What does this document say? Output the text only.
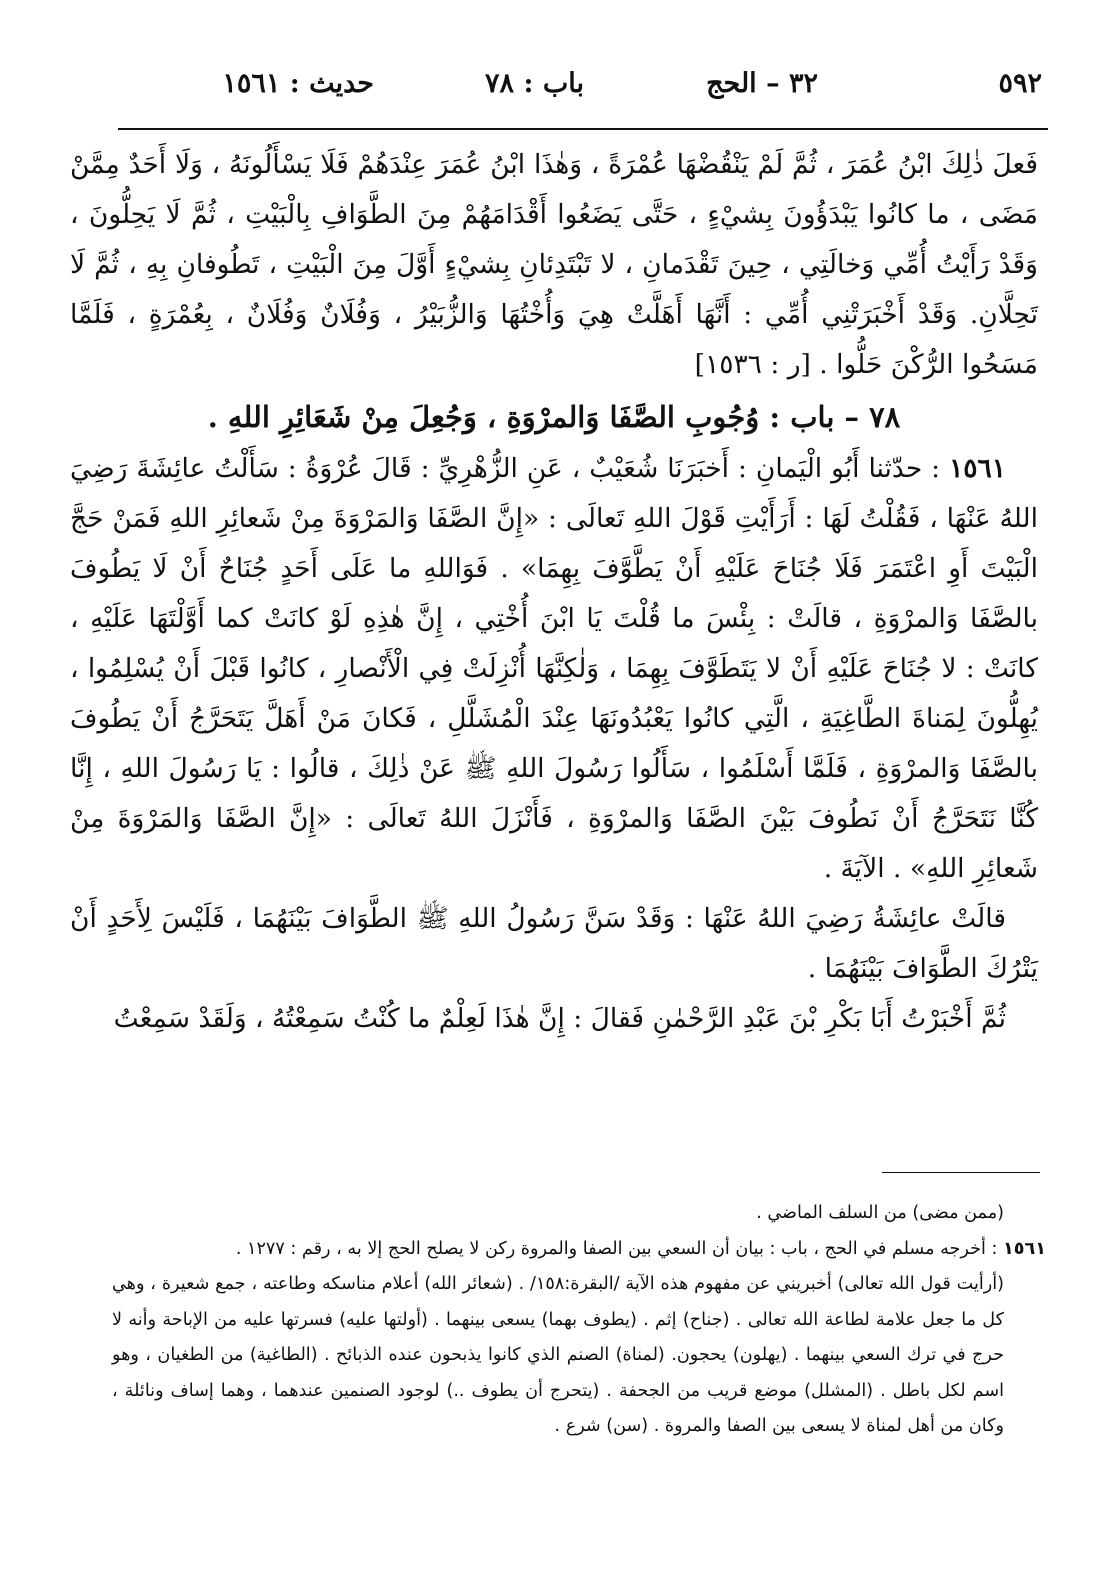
٥٩٢
٣٢ – الحج
باب : ٧٨
حديث : ١٥٦١

فَعلَ ذٰلِكَ ابْنُ عُمَرَ ، ثُمَّ لَمْ يَنْقُضْهَا عُمْرَةً ، وَهٰذَا ابْنُ عُمَرَ عِنْدَهُمْ فَلَا يَسْأَلُونَهُ ، وَلَا أَحَدٌ مِمَّنْ مَضَى ، ما كانُوا يَبْدَؤُونَ بِشيْءٍ ، حَتَّى يَضَعُوا أَقْدَامَهُمْ مِنَ الطَّوَافِ بِالْبَيْتِ ، ثُمَّ لَا يَحِلُّونَ ، وَقَدْ رَأَيْتُ أُمِّي وَخالَتِي ، حِينَ تَقْدَمانِ ، لا تَبْتَدِئانِ بِشيْءٍ أَوَّلَ مِنَ الْبَيْتِ ، تَطُوفانِ بِهِ ، ثُمَّ لَا تَحِلَّانِ. وَقَدْ أَخْبَرَتْنِي أُمِّي : أَنَّهَا أَهَلَّتْ هِيَ وَأُخْتُهَا وَالزُّبَيْرُ ، وَفُلَانٌ وَفُلَانٌ ، بِعُمْرَةٍ ، فَلَمَّا مَسَحُوا الرُّكْنَ حَلُّوا . [ر : ١٥٣٦]

٧٨ – باب : وُجُوبِ الصَّفَا وَالمرْوَةِ ، وَجُعِلَ مِنْ شَعَائِرِ اللهِ .

١٥٦١ : حدّثنا أَبُو الْيَمانِ : أَخبَرَنَا شُعَيْبٌ ، عَنِ الزُّهْرِيِّ : قَالَ عُرْوَةُ : سَأَلْتُ عائِشَةَ رَضِيَ اللهُ عَنْهَا ، فَقُلْتُ لَهَا : أَرَأَيْتِ قَوْلَ اللهِ تَعالَى : «إِنَّ الصَّفَا وَالمَرْوَةَ مِنْ شَعائِرِ اللهِ فَمَنْ حَجَّ الْبَيْتَ أَوِ اعْتَمَرَ فَلَا جُنَاحَ عَلَيْهِ أَنْ يَطَّوَّفَ بِهِمَا» . فَوَاللهِ ما عَلَى أَحَدٍ جُنَاحٌ أَنْ لَا يَطُوفَ بالصَّفَا وَالمرْوَةِ ، قالَتْ : بِئْسَ ما قُلْتَ يَا ابْنَ أُخْتِي ، إِنَّ هٰذِهِ لَوْ كانَتْ كما أَوَّلْتَهَا عَلَيْهِ ، كانَتْ : لا جُنَاحَ عَلَيْهِ أَنْ لا يَتَطَوَّفَ بِهِمَا ، وَلٰكِنَّهَا أُنْزِلَتْ فِي الْأَنْصارِ ، كانُوا قَبْلَ أَنْ يُسْلِمُوا ، يُهِلُّونَ لِمَناةَ الطَّاغِيَةِ ، الَّتِي كانُوا يَعْبُدُونَهَا عِنْدَ الْمُشَلَّلِ ، فَكانَ مَنْ أَهَلَّ يَتَحَرَّجُ أَنْ يَطُوفَ بالصَّفَا وَالمرْوَةِ ، فَلَمَّا أَسْلَمُوا ، سَأَلُوا رَسُولَ اللهِ ﷺ عَنْ ذٰلِكَ ، قالُوا : يَا رَسُولَ اللهِ ، إِنَّا كُنَّا نَتَحَرَّجُ أَنْ نَطُوفَ بَيْنَ الصَّفَا وَالمرْوَةِ ، فَأَنْزَلَ اللهُ تَعالَى : «إِنَّ الصَّفَا وَالمَرْوَةَ مِنْ شَعائِرِ اللهِ» . الآيَةَ .

قالَتْ عائِشَةُ رَضِيَ اللهُ عَنْهَا : وَقَدْ سَنَّ رَسُولُ اللهِ ﷺ الطَّوَافَ بَيْنَهُمَا ، فَلَيْسَ لِأَحَدٍ أَنْ يَتْرُكَ الطَّوَافَ بَيْنَهُمَا .

ثُمَّ أَخْبَرْتُ أَبَا بَكْرِ بْنَ عَبْدِ الرَّحْمٰنِ فَقالَ : إِنَّ هٰذَا لَعِلْمٌ ما كُنْتُ سَمِعْتُهُ ، وَلَقَدْ سَمِعْتُ

(ممن مضى) من السلف الماضي .

١٥٦١ : أخرجه مسلم في الحج ، باب : بيان أن السعي بين الصفا والمروة ركن لا يصلح الحج إلا به ، رقم : ١٢٧٧ .

(أرأيت قول الله تعالى) أخبريني عن مفهوم هذه الآية /البقرة:١٥٨/ . (شعائر الله) أعلام مناسكه وطاعته ، جمع شعيرة ، وهي كل ما جعل علامة لطاعة الله تعالى . (جناح) إثم . (يطوف بهما) يسعى بينهما . (أولتها عليه) فسرتها عليه من الإباحة وأنه لا حرج في ترك السعي بينهما . (يهلون) يحجون. (لمناة) الصنم الذي كانوا يذبحون عنده الذبائح . (الطاغية) من الطغيان ، وهو اسم لكل باطل . (المشلل) موضع قريب من الجحفة . (يتحرج أن يطوف ..) لوجود الصنمين عندهما ، وهما إساف ونائلة ، وكان من أهل لمناة لا يسعى بين الصفا والمروة . (سن) شرع .
